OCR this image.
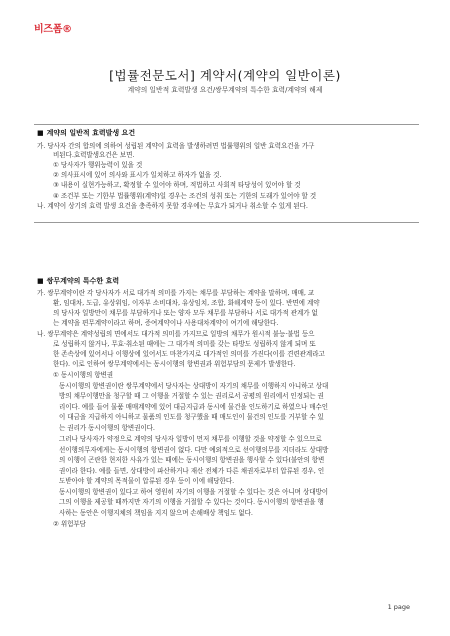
비즈폼®
[법률전문도서] 계약서(계약의 일반이론)
계약의 일반적 효력발생 요건/쌍무계약의 특수한 효력/계약의 해제
■ 계약의 일반적 효력발생 요건
가. 당사자 간의 합의에 의하여 성립된 계약이 효력을 발생하려면 법률행위의 일반 효력요건을 가구
비된다.효력발생요건은 보면.
① 당사자가 행위능력이 있을 것
② 의사표시에 있어 의사와 표시가 일치하고 하자가 없을 것.
③ 내용이 실현가능하고, 확정할 수 있어야 하며, 적법하고 사회적 타당성이 있어야 할 것
④ 조건부 또는 기한부 법률행위(계약)일 경우는 조건의 성취 또는 기한의 도래가 있어야 할 것
나. 계약이 상기의 효력 발생 요건을 충족하지 못할 경우에는 무효가 되거나 취소할 수 있게 된다.
■ 쌍무계약의 특수한 효력
가. 쌍무계약이란 각 당사자가 서로 대가적 의미를 가지는 채무를 부담하는 계약을 말하며, 매매, 교
환, 임대차, 도급, 유상위임, 이자부 소비대차, 유상임치, 조합, 화해계약 등이 있다. 반면에 계약
의 당사자 일방만이 채무를 부담하거나 또는 양자 모두 채무를 부담하나 서로 대가적 관계가 없
는 계약을 편무계약이라고 하며, 증여계약이나 사용대차계약이 여기에 해당한다.
나. 쌍무계약은 계약성립의 면에서도 대가적 의미를 가지므로 일방의 채무가 원시적 불능·불법 등으
로 성립하지 않거나, 무효·취소된 때에는 그 대가적 의미를 갖는 타방도 성립하지 않게 되며 또
한 존속상에 있어서나 이행상에 있어서도 마찬가지로 대가적인 의미를 가진다(이를 견련관계라고
한다). 이로 인하여 쌍무계약에서는 동시이행의 항변권과 위험부담의 문제가 발생한다.
① 동시이행의 항변권
동시이행의 항변권이란 쌍무계약에서 당사자는 상대방이 자기의 채무를 이행하지 아니하고 상대
방의 채무이행만을 청구할 때 그 이행을 거절할 수 있는 권리로서 공평의 원리에서 인정되는 권
리이다. 예를 들어 물품 매매계약에 있어 대금지급과 동시에 물건을 인도하기로 하였으나 매수인
이 대금을 지급하지 아니하고 물품의 인도를 청구했을 때 매도인이 물건의 인도를 거부할 수 있
는 권리가 동시이행의 항변권이다.
그러나 당사자가 약정으로 계약의 당사자 일방이 먼저 채무를 이행할 것을 약정할 수 있으므로
선이행의무자에게는 동시이행의 항변권이 없다. 다만 예외적으로 선이행의무를 지더라도 상대방
의 이행이 곤란한 현저한 사유가 있는 때에는 동시이행의 항변권을 행사할 수 있다(불안의 항변
권이라 한다). 예를 들면, 상대방이 파산하거나 재산 전체가 다른 채권자로부터 압류된 경우, 인
도받아야 할 계약의 목적물이 압류된 경우 등이 이에 해당한다.
동시이행의 항변권이 있다고 하여 영원히 자기의 이행을 거절할 수 있다는 것은 아니며 상대방이
그의 이행을 제공할 때까지만 자기의 이행을 거절할 수 있다는 것이다. 동시이행의 항변권을 행
사하는 동안은 이행지체의 책임을 지지 않으며 손해배상 책임도 없다.
② 위험부담
1 page
